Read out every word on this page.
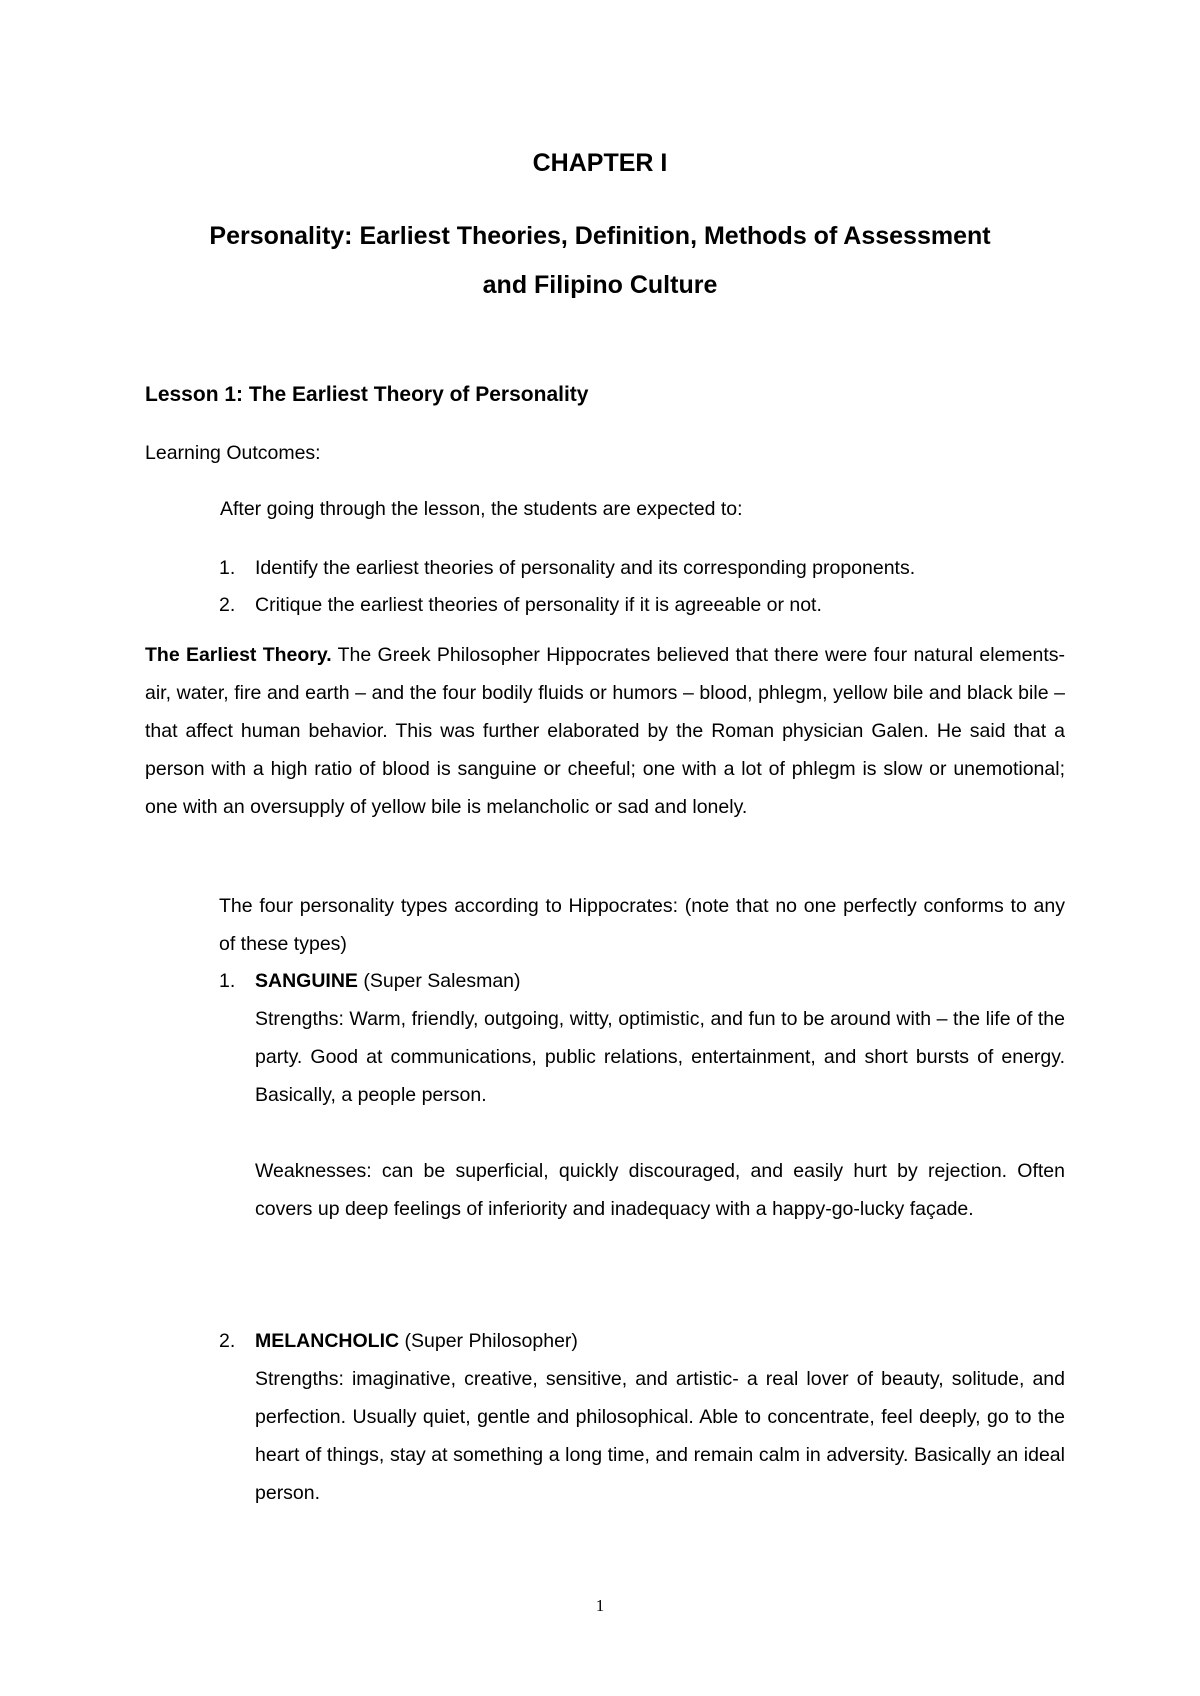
CHAPTER I
Personality: Earliest Theories, Definition, Methods of Assessment
and Filipino Culture
Lesson 1: The Earliest Theory of Personality
Learning Outcomes:
After going through the lesson, the students are expected to:
1. Identify the earliest theories of personality and its corresponding proponents.
2. Critique the earliest theories of personality if it is agreeable or not.

The Earliest Theory. The Greek Philosopher Hippocrates believed that there were four natural elements- air, water, fire and earth – and the four bodily fluids or humors – blood, phlegm, yellow bile and black bile – that affect human behavior. This was further elaborated by the Roman physician Galen. He said that a person with a high ratio of blood is sanguine or cheeful; one with a lot of phlegm is slow or unemotional; one with an oversupply of yellow bile is melancholic or sad and lonely.

The four personality types according to Hippocrates: (note that no one perfectly conforms to any of these types)

1. SANGUINE (Super Salesman)

Strengths: Warm, friendly, outgoing, witty, optimistic, and fun to be around with – the life of the party. Good at communications, public relations, entertainment, and short bursts of energy. Basically, a people person.

Weaknesses: can be superficial, quickly discouraged, and easily hurt by rejection. Often covers up deep feelings of inferiority and inadequacy with a happy-go-lucky façade.

2. MELANCHOLIC (Super Philosopher)

Strengths: imaginative, creative, sensitive, and artistic- a real lover of beauty, solitude, and perfection. Usually quiet, gentle and philosophical. Able to concentrate, feel deeply, go to the heart of things, stay at something a long time, and remain calm in adversity. Basically an ideal person.

1
